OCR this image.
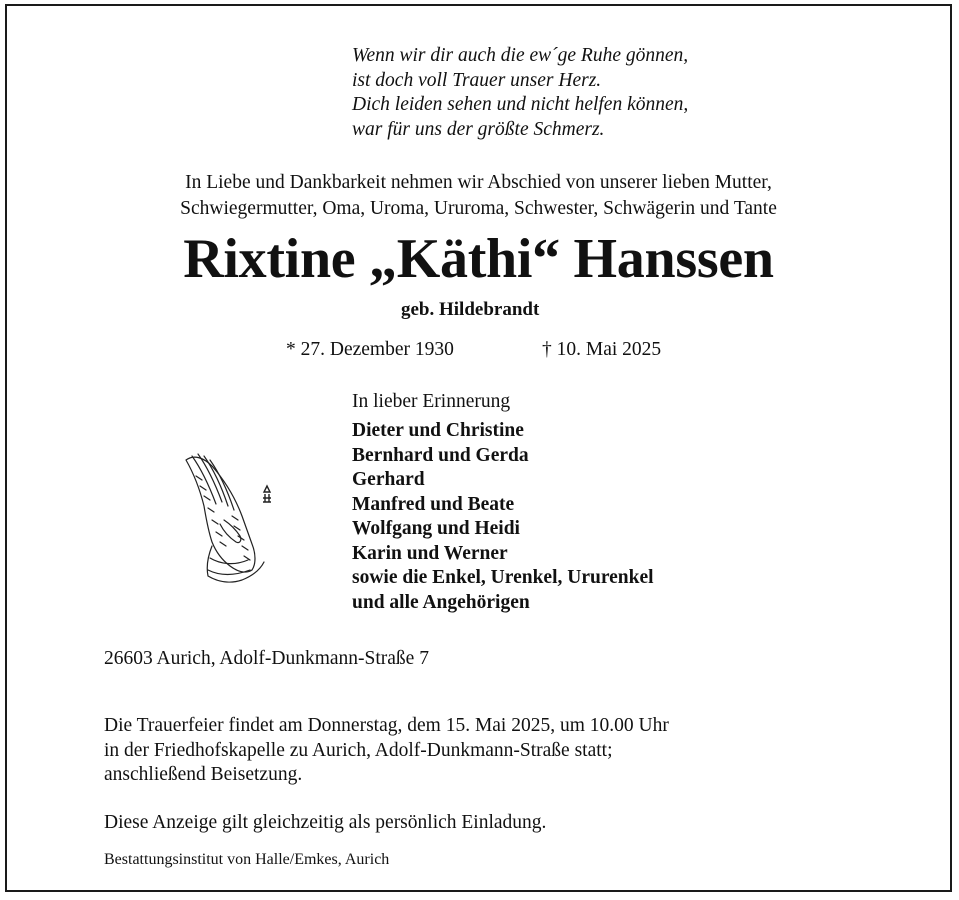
Wenn wir dir auch die ew´ge Ruhe gönnen,
ist doch voll Trauer unser Herz.
Dich leiden sehen und nicht helfen können,
war für uns der größte Schmerz.
In Liebe und Dankbarkeit nehmen wir Abschied von unserer lieben Mutter,
Schwiegermutter, Oma, Uroma, Ururoma, Schwester, Schwägerin und Tante
Rixtine „Käthi“ Hanssen
geb. Hildebrandt
* 27. Dezember 1930	† 10. Mai 2025
In lieber Erinnerung
Dieter und Christine
Bernhard und Gerda
Gerhard
Manfred und Beate
Wolfgang und Heidi
Karin und Werner
sowie die Enkel, Urenkel, Ururenkel
und alle Angehörigen
26603 Aurich, Adolf-Dunkmann-Straße 7
Die Trauerfeier findet am Donnerstag, dem 15. Mai 2025, um 10.00 Uhr
in der Friedhofskapelle zu Aurich, Adolf-Dunkmann-Straße statt;
anschließend Beisetzung.
Diese Anzeige gilt gleichzeitig als persönlich Einladung.
Bestattungsinstitut von Halle/Emkes, Aurich
